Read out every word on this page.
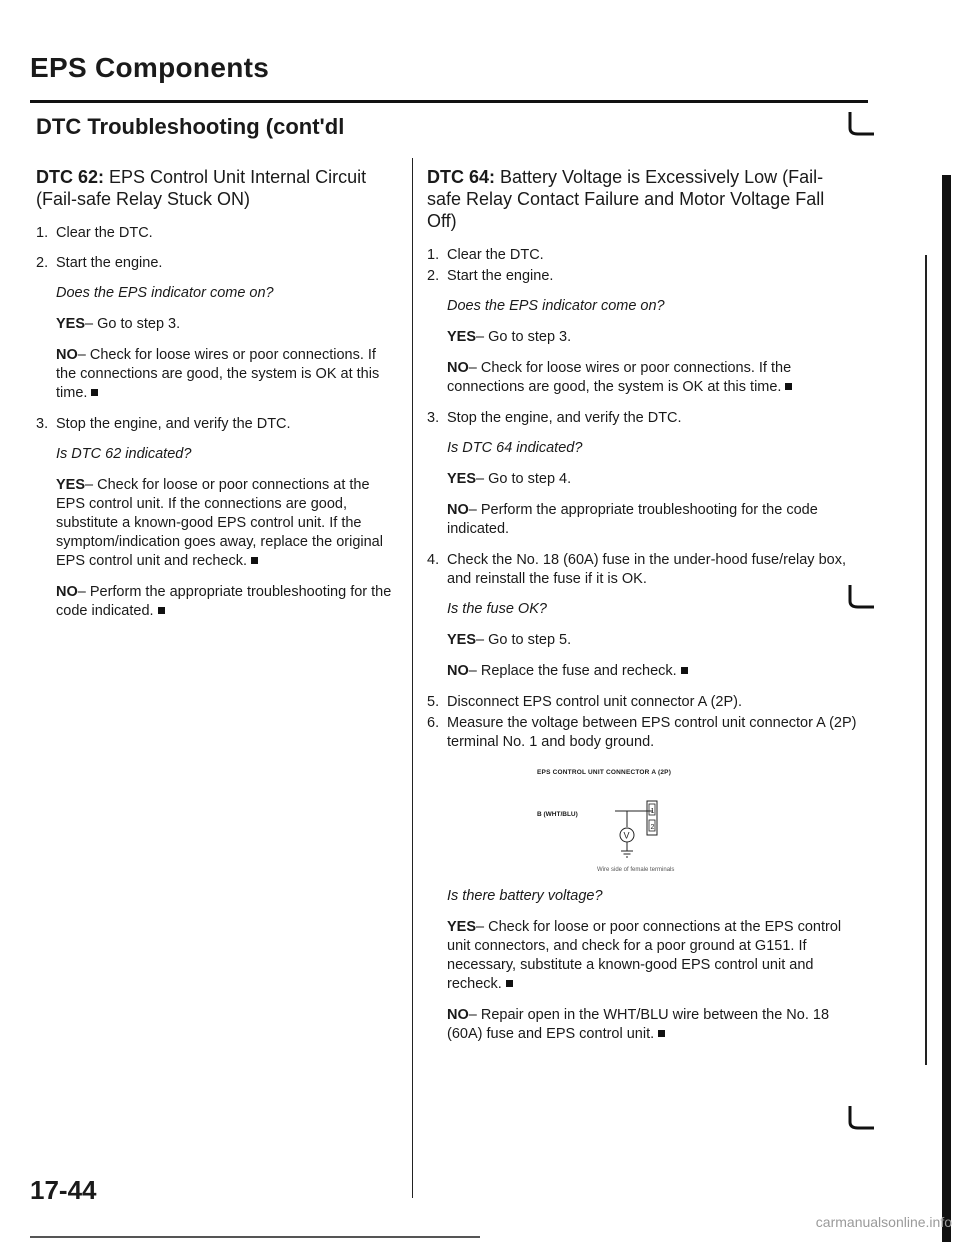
EPS Components
DTC Troubleshooting (cont'dl
DTC 62: EPS Control Unit Internal Circuit (Fail-safe Relay Stuck ON)
1. Clear the DTC.
2. Start the engine.
Does the EPS indicator come on?
YES– Go to step 3.
NO– Check for loose wires or poor connections. If the connections are good, the system is OK at this time.
3. Stop the engine, and verify the DTC.
Is DTC 62 indicated?
YES– Check for loose or poor connections at the EPS control unit. If the connections are good, substitute a known-good EPS control unit. If the symptom/indication goes away, replace the original EPS control unit and recheck.
NO– Perform the appropriate troubleshooting for the code indicated.
DTC 64: Battery Voltage is Excessively Low (Fail-safe Relay Contact Failure and Motor Voltage Fall Off)
1. Clear the DTC.
2. Start the engine.
Does the EPS indicator come on?
YES– Go to step 3.
NO– Check for loose wires or poor connections. If the connections are good, the system is OK at this time.
3. Stop the engine, and verify the DTC.
Is DTC 64 indicated?
YES– Go to step 4.
NO– Perform the appropriate troubleshooting for the code indicated.
4. Check the No. 18 (60A) fuse in the under-hood fuse/relay box, and reinstall the fuse if it is OK.
Is the fuse OK?
YES– Go to step 5.
NO– Replace the fuse and recheck.
5. Disconnect EPS control unit connector A (2P).
6. Measure the voltage between EPS control unit connector A (2P) terminal No. 1 and body ground.
EPS CONTROL UNIT CONNECTOR A (2P)
B (WHT/BLU)
V
1
2
Wire side of female terminals
Is there battery voltage?
YES– Check for loose or poor connections at the EPS control unit connectors, and check for a poor ground at G151. If necessary, substitute a known-good EPS control unit and recheck.
NO– Repair open in the WHT/BLU wire between the No. 18 (60A) fuse and EPS control unit.
17-44
carmanualsonline.info
